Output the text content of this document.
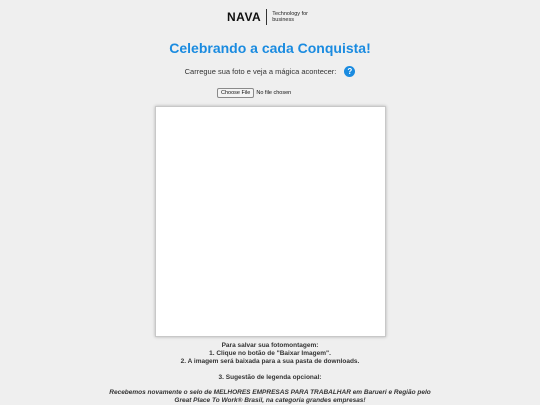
NAVA Technology for business
Celebrando a cada Conquista!
Carregue sua foto e veja a mágica acontecer:	?
Choose File	No file chosen
Para salvar sua fotomontagem:
1. Clique no botão de "Baixar Imagem".
2. A imagem será baixada para a sua pasta de downloads.
3. Sugestão de legenda opcional:
Recebemos novamente o selo de MELHORES EMPRESAS PARA TRABALHAR em Barueri e Região pelo
Great Place To Work® Brasil, na categoria grandes empresas!
